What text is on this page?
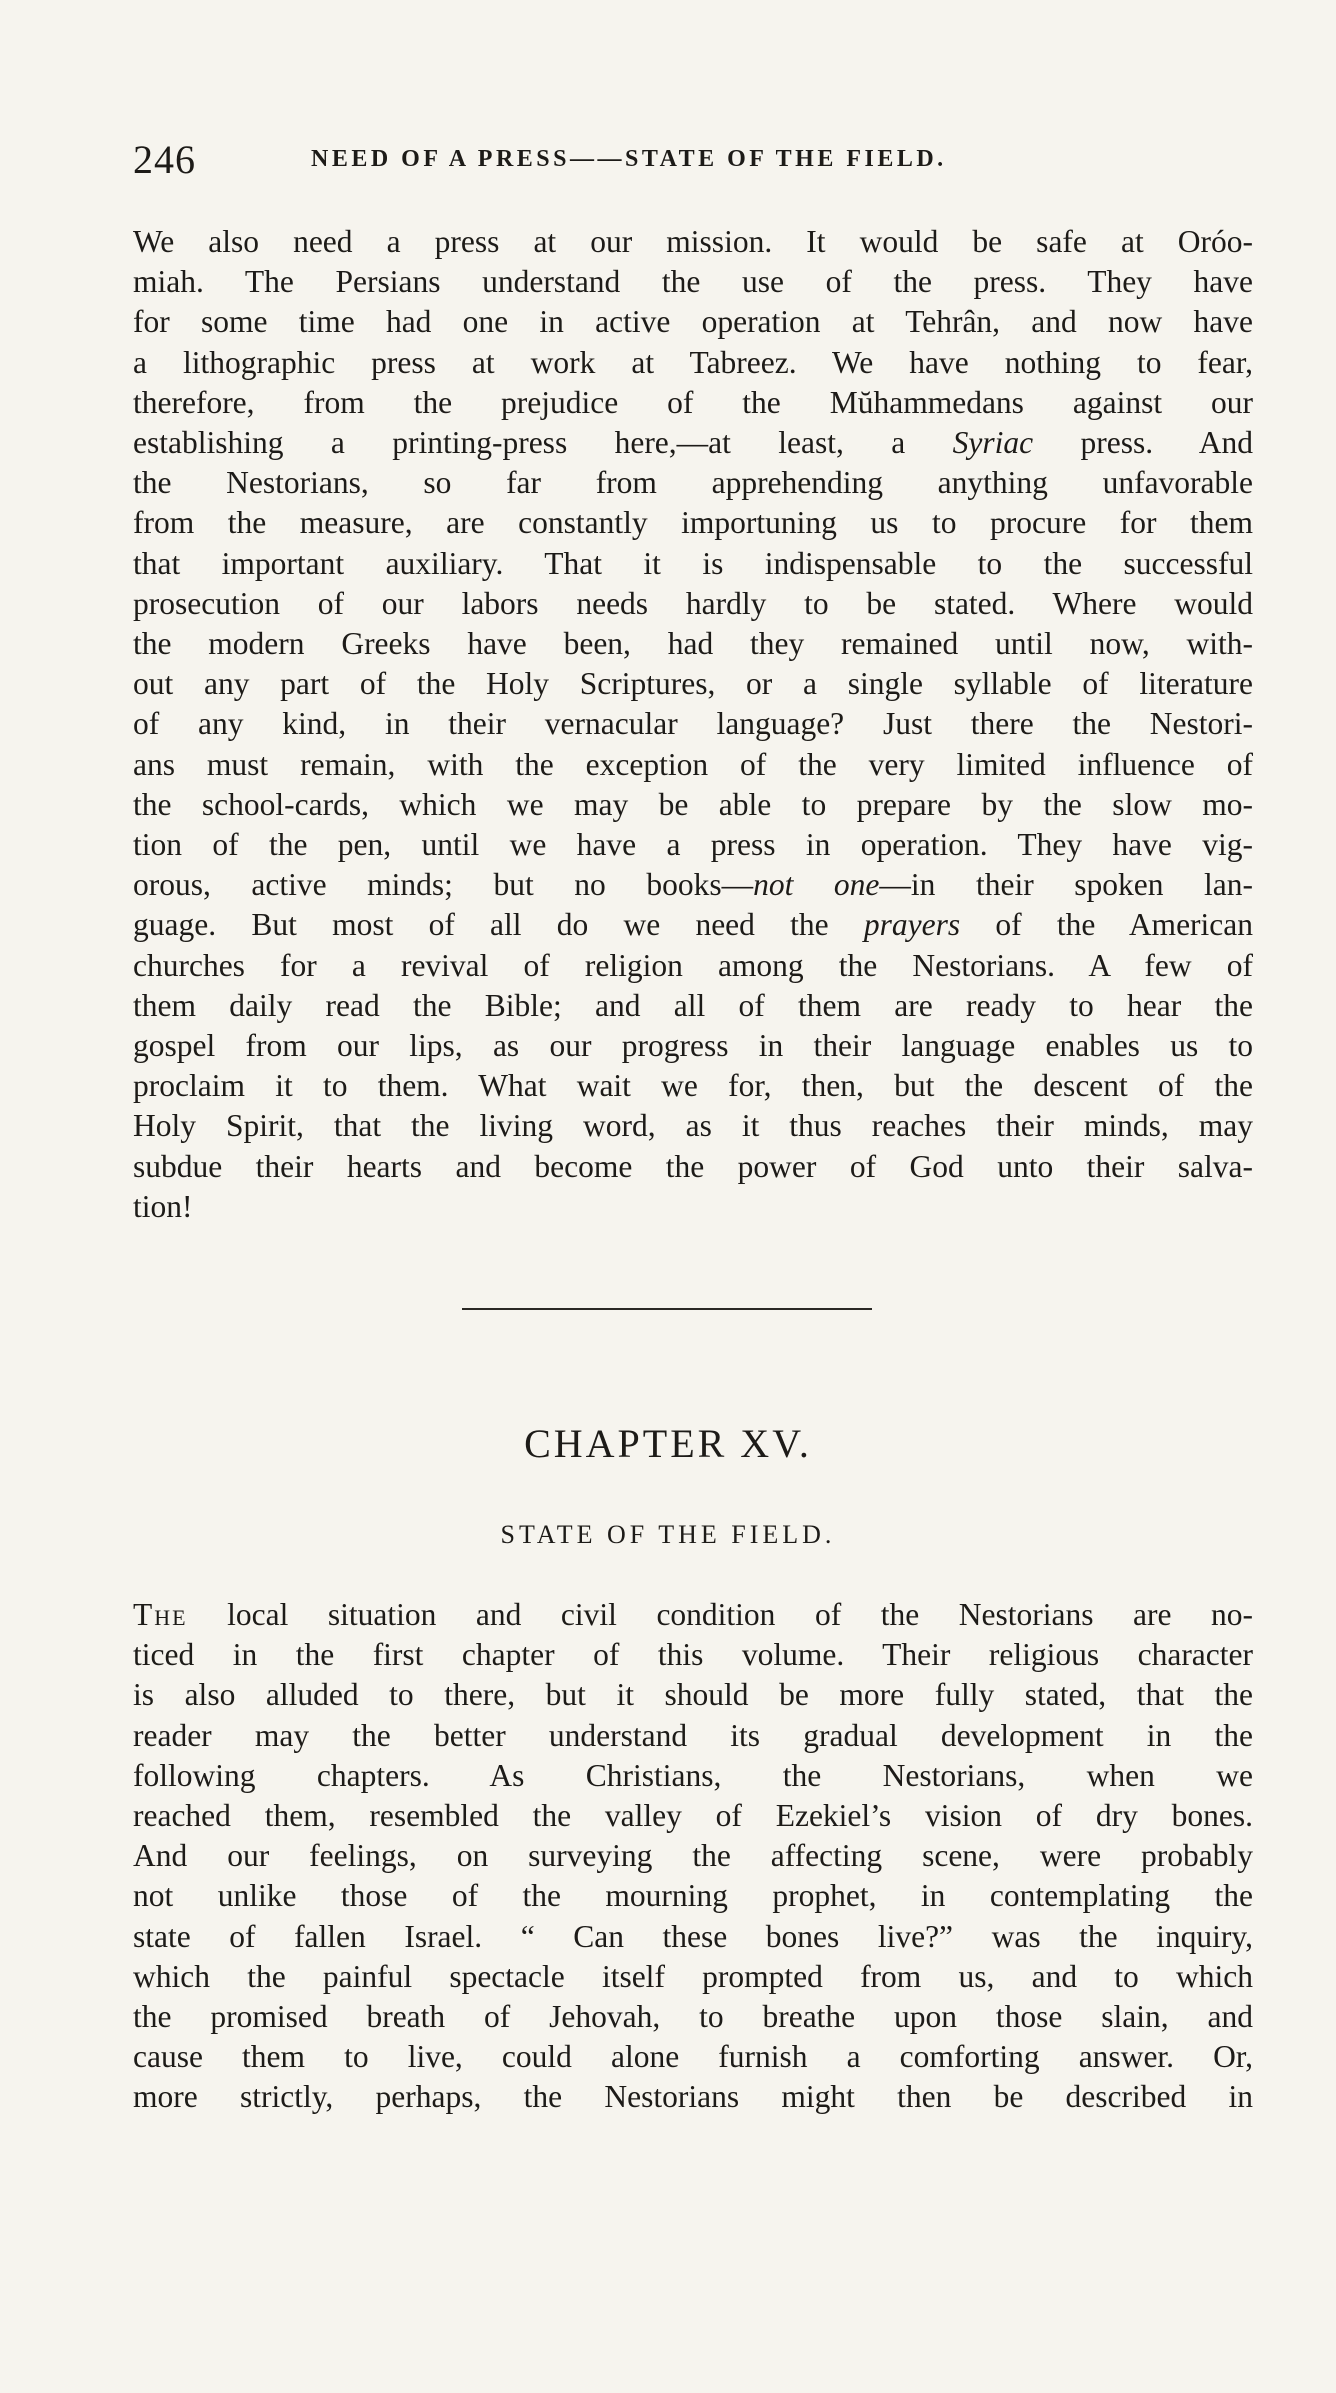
246	NEED OF A PRESS——STATE OF THE FIELD.
We also need a press at our mission. It would be safe at Oróo-
miah. The Persians understand the use of the press. They have
for some time had one in active operation at Tehrân, and now have
a lithographic press at work at Tabreez. We have nothing to fear,
therefore, from the prejudice of the Mŭhammedans against our
establishing a printing-press here,—at least, a Syriac press. And
the Nestorians, so far from apprehending anything unfavorable
from the measure, are constantly importuning us to procure for them
that important auxiliary. That it is indispensable to the successful
prosecution of our labors needs hardly to be stated. Where would
the modern Greeks have been, had they remained until now, with-
out any part of the Holy Scriptures, or a single syllable of literature
of any kind, in their vernacular language? Just there the Nestori-
ans must remain, with the exception of the very limited influence of
the school-cards, which we may be able to prepare by the slow mo-
tion of the pen, until we have a press in operation. They have vig-
orous, active minds; but no books—not one—in their spoken lan-
guage. But most of all do we need the prayers of the American
churches for a revival of religion among the Nestorians. A few of
them daily read the Bible; and all of them are ready to hear the
gospel from our lips, as our progress in their language enables us to
proclaim it to them. What wait we for, then, but the descent of the
Holy Spirit, that the living word, as it thus reaches their minds, may
subdue their hearts and become the power of God unto their salva-
tion!
CHAPTER XV.
STATE OF THE FIELD.
The local situation and civil condition of the Nestorians are no-
ticed in the first chapter of this volume. Their religious character
is also alluded to there, but it should be more fully stated, that the
reader may the better understand its gradual development in the
following chapters. As Christians, the Nestorians, when we
reached them, resembled the valley of Ezekiel’s vision of dry bones.
And our feelings, on surveying the affecting scene, were probably
not unlike those of the mourning prophet, in contemplating the
state of fallen Israel. “ Can these bones live?” was the inquiry,
which the painful spectacle itself prompted from us, and to which
the promised breath of Jehovah, to breathe upon those slain, and
cause them to live, could alone furnish a comforting answer. Or,
more strictly, perhaps, the Nestorians might then be described in
